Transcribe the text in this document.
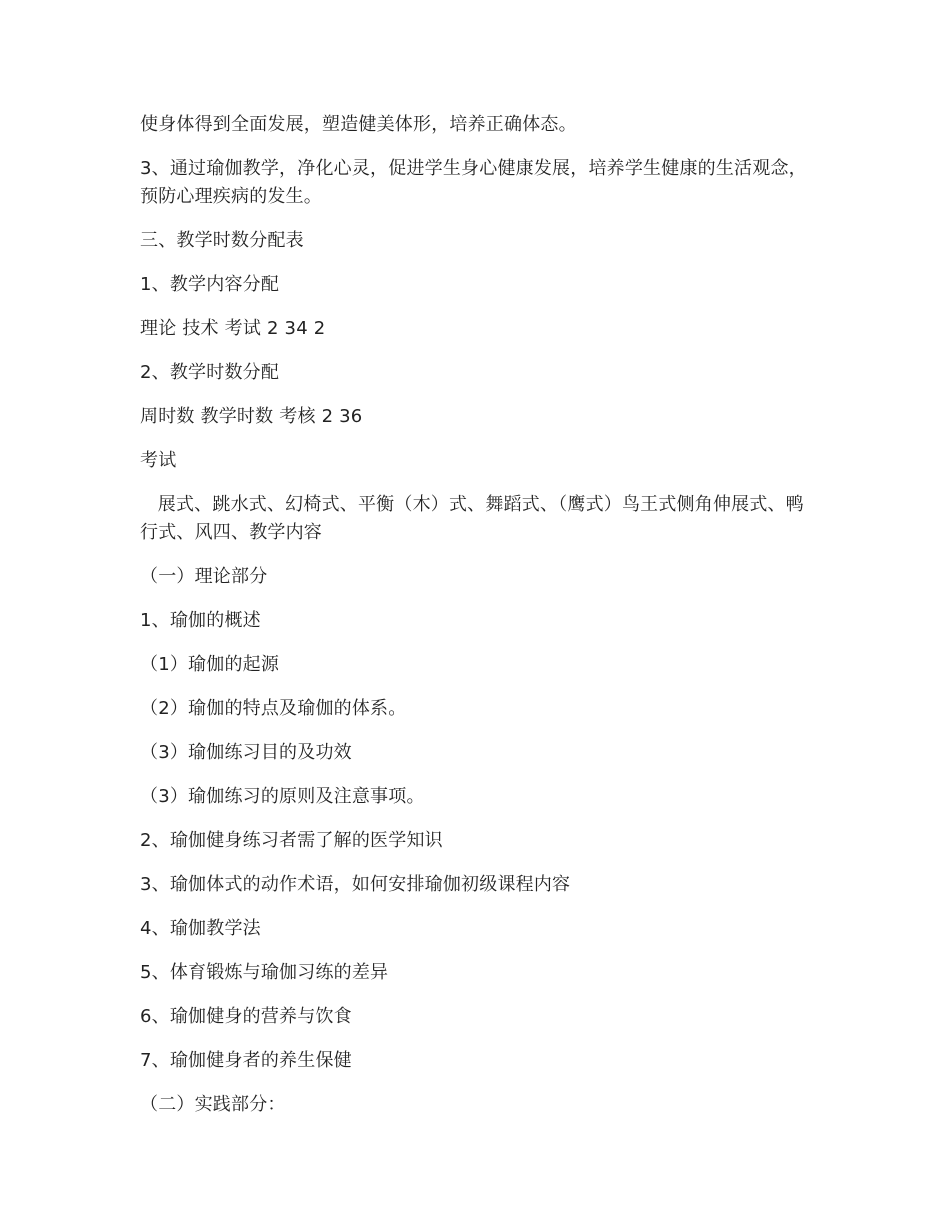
使身体得到全面发展，塑造健美体形，培养正确体态。

3、通过瑜伽教学，净化心灵，促进学生身心健康发展，培养学生健康的生活观念，预防心理疾病的发生。

三、教学时数分配表

1、教学内容分配

理论 技术 考试 2 34 2

2、教学时数分配

周时数 教学时数 考核 2 36

考试

展式、跳水式、幻椅式、平衡（木）式、舞蹈式、（鹰式）鸟王式侧角伸展式、鸭行式、风四、教学内容

（一）理论部分

1、瑜伽的概述

（1）瑜伽的起源

（2）瑜伽的特点及瑜伽的体系。

（3）瑜伽练习目的及功效

（3）瑜伽练习的原则及注意事项。

2、瑜伽健身练习者需了解的医学知识

3、瑜伽体式的动作术语，如何安排瑜伽初级课程内容

4、瑜伽教学法

5、体育锻炼与瑜伽习练的差异

6、瑜伽健身的营养与饮食

7、瑜伽健身者的养生保健

（二）实践部分：
